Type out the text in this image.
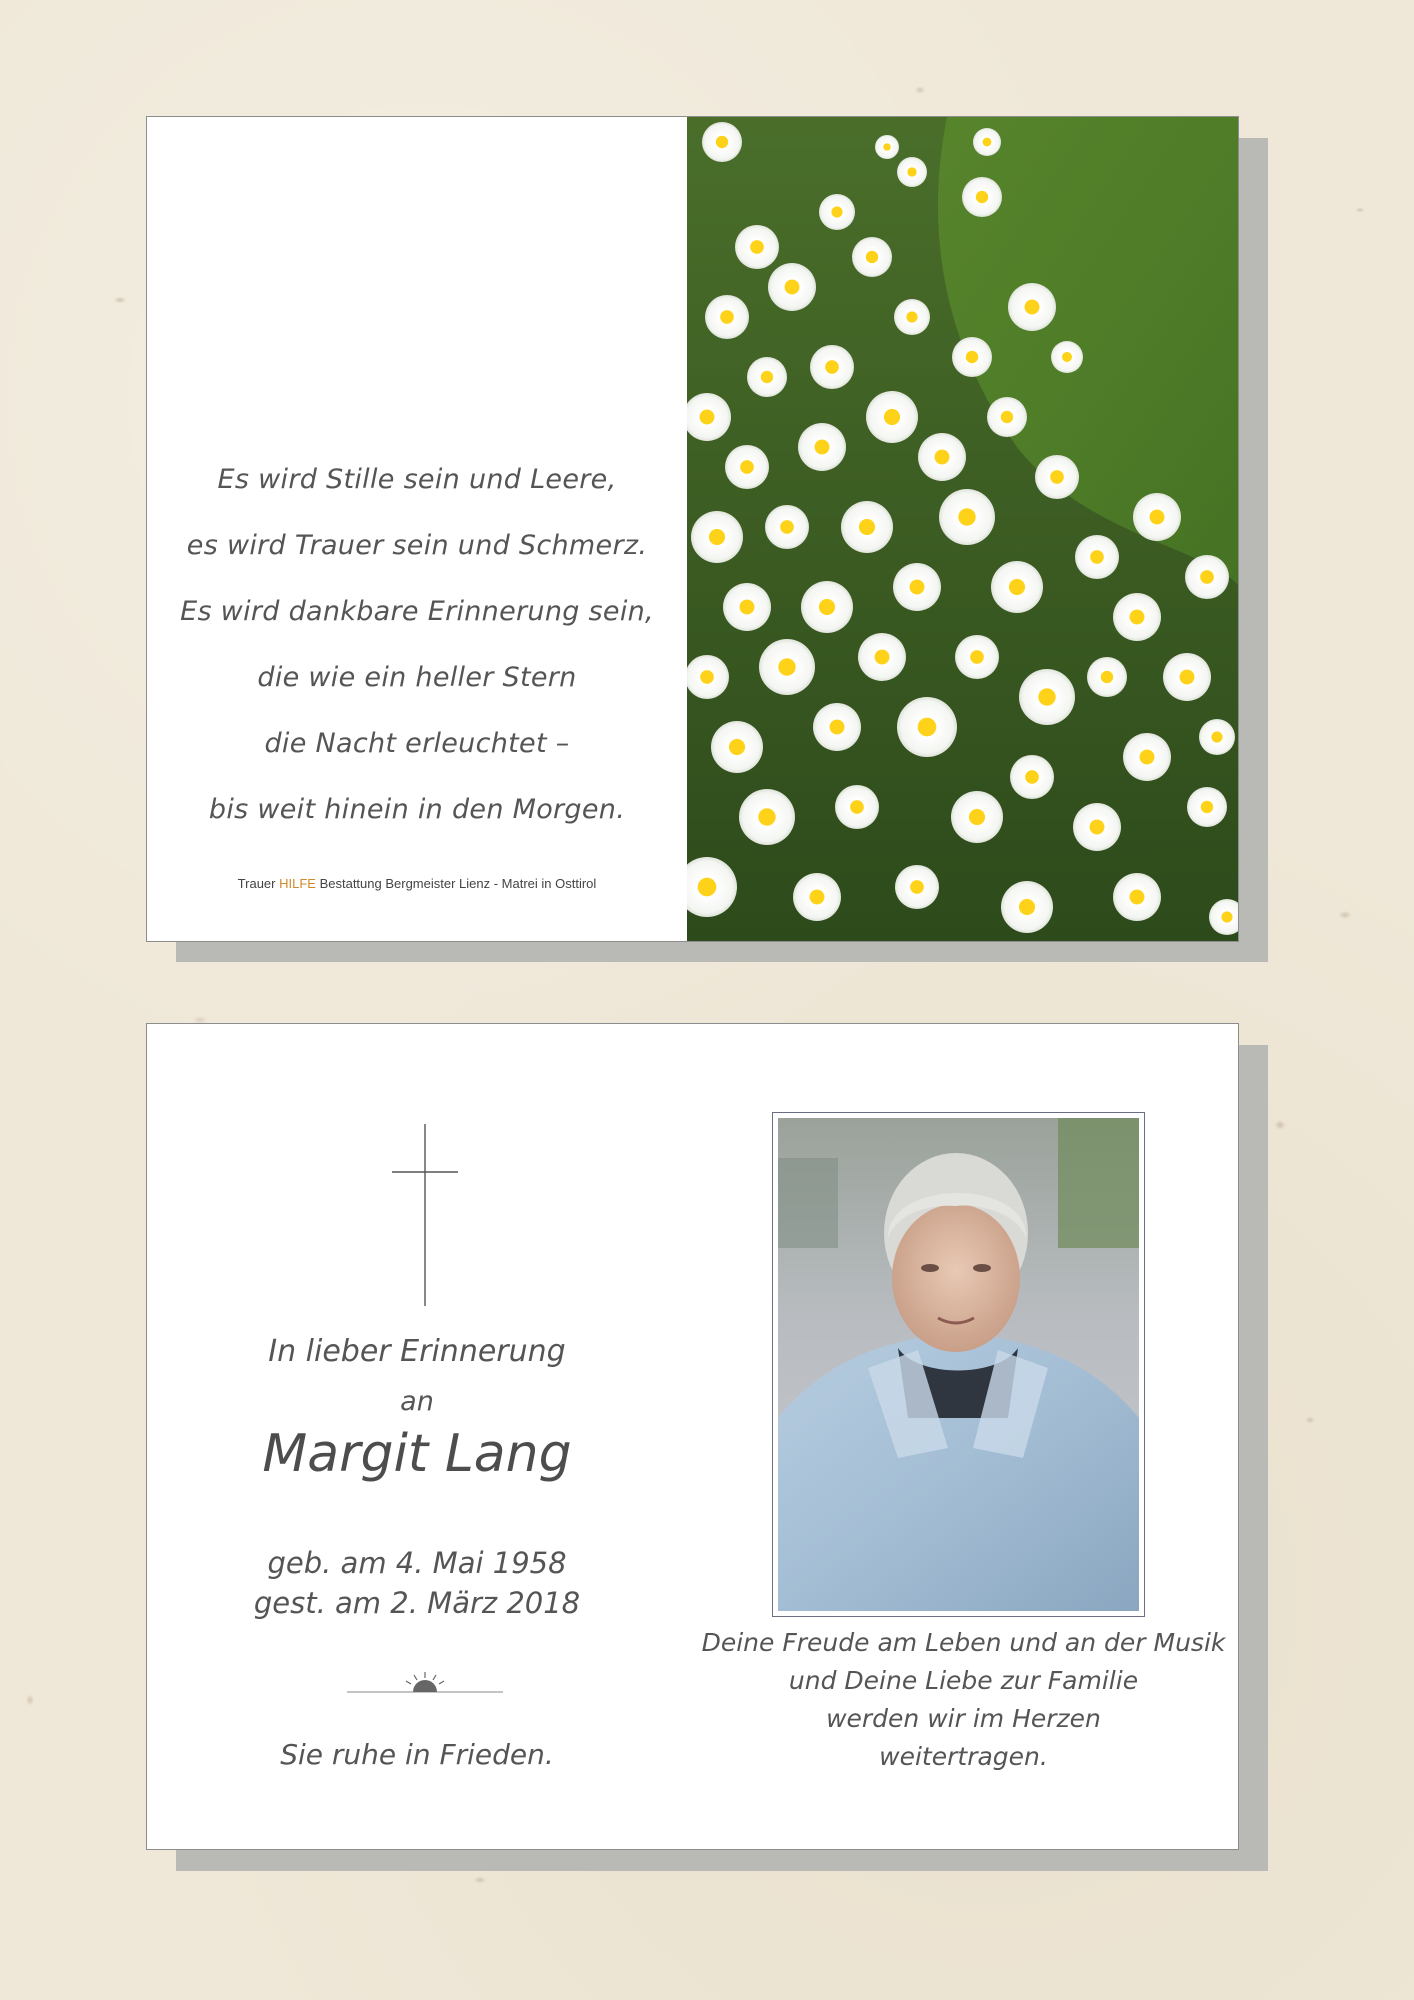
Es wird Stille sein und Leere,
es wird Trauer sein und Schmerz.
Es wird dankbare Erinnerung sein,
die wie ein heller Stern
die Nacht erleuchtet –
bis weit hinein in den Morgen.
Trauer HILFE Bestattung Bergmeister Lienz - Matrei in Osttirol
In lieber Erinnerung
an
Margit Lang
geb. am 4. Mai 1958
gest. am 2. März 2018
Sie ruhe in Frieden.
Deine Freude am Leben und an der Musik
und Deine Liebe zur Familie
werden wir im Herzen
weitertragen.
